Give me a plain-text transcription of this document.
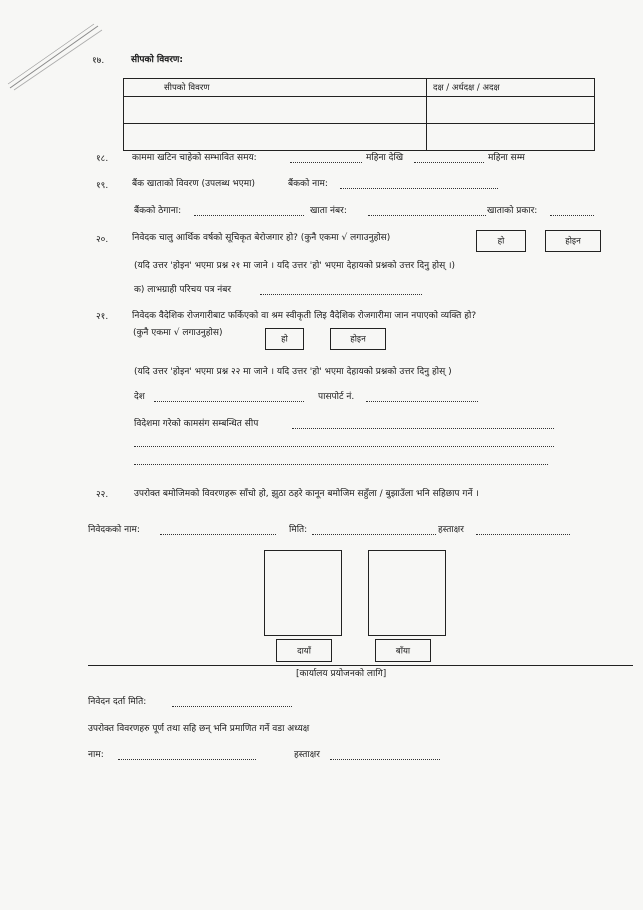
१७.	सीपको विवरण:
सीपको विवरण	दक्ष / अर्धदक्ष / अदक्ष

१८.	काममा खटिन चाहेको सम्भावित समय:	महिना देखि	महिना सम्म
१९.	बैंक खाताको विवरण (उपलब्ध भएमा)	बैंकको नाम:
बैंकको ठेगाना:	खाता नंबर:	खाताको प्रकार:
२०.	निवेदक चालु आर्थिक वर्षको सूचिकृत बेरोजगार हो? (कुनै एकमा √ लगाउनुहोस)	हो	होइन
(यदि उत्तर 'होइन' भएमा प्रश्न २१ मा जाने । यदि उत्तर 'हो' भएमा देहायको प्रश्नको उत्तर दिनु होस् ।)
क) लाभग्राही परिचय पत्र नंबर
२१.	निवेदक वैदेशिक रोजगारीबाट फर्किएको वा श्रम स्वीकृती लिइ वैदेशिक रोजगारीमा जान नपाएको व्यक्ति हो?
(कुनै एकमा √ लगाउनुहोस)
हो	होइन
(यदि उत्तर 'होइन' भएमा प्रश्न २२ मा जाने । यदि उत्तर 'हो' भएमा देहायको प्रश्नको उत्तर दिनु होस् )
देश	पासपोर्ट नं.
विदेशमा गरेको कामसंग सम्बन्धित सीप
२२.	उपरोक्त बमोजिमको विवरणहरू साँचो हो, झुठा ठहरे कानून बमोजिम सहुँला / बुझाउँला भनि सहिछाप गर्ने ।
निवेदकको नाम:	मिति:	हस्ताक्षर
दायाँ	बाँया
[कार्यालय प्रयोजनको लागि]
निवेदन दर्ता मिति:
उपरोक्त विवरणहरु पूर्ण तथा सहि छन् भनि प्रमाणित गर्ने वडा अध्यक्ष
नाम:	हस्ताक्षर
